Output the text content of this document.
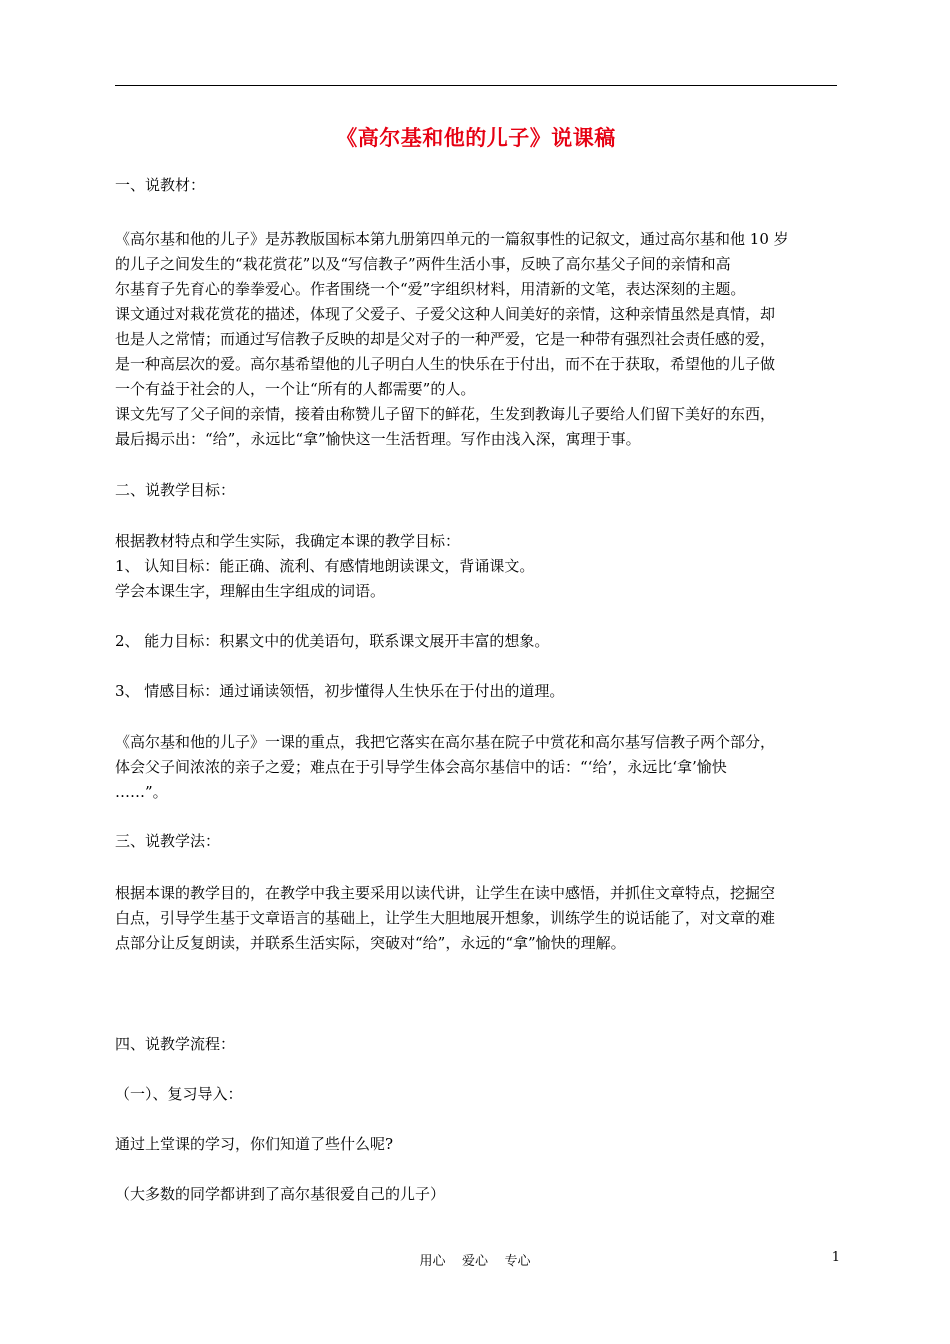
《高尔基和他的儿子》说课稿
一、说教材：
《高尔基和他的儿子》是苏教版国标本第九册第四单元的一篇叙事性的记叙文，通过高尔基和他 10 岁
的儿子之间发生的“栽花赏花”以及“写信教子”两件生活小事，反映了高尔基父子间的亲情和高
尔基育子先育心的拳拳爱心。作者围绕一个“爱”字组织材料，用清新的文笔，表达深刻的主题。
课文通过对栽花赏花的描述，体现了父爱子、子爱父这种人间美好的亲情，这种亲情虽然是真情，却
也是人之常情；而通过写信教子反映的却是父对子的一种严爱，它是一种带有强烈社会责任感的爱，
是一种高层次的爱。高尔基希望他的儿子明白人生的快乐在于付出，而不在于获取，希望他的儿子做
一个有益于社会的人，一个让“所有的人都需要”的人。
课文先写了父子间的亲情，接着由称赞儿子留下的鲜花，生发到教诲儿子要给人们留下美好的东西，
最后揭示出：“给”，永远比“拿”愉快这一生活哲理。写作由浅入深，寓理于事。
二、说教学目标：
根据教材特点和学生实际，我确定本课的教学目标：
1、 认知目标：能正确、流利、有感情地朗读课文，背诵课文。
学会本课生字，理解由生字组成的词语。
2、 能力目标：积累文中的优美语句，联系课文展开丰富的想象。
3、 情感目标：通过诵读领悟，初步懂得人生快乐在于付出的道理。
《高尔基和他的儿子》一课的重点，我把它落实在高尔基在院子中赏花和高尔基写信教子两个部分，
体会父子间浓浓的亲子之爱；难点在于引导学生体会高尔基信中的话：“‘给’，永远比‘拿’愉快
……”。
三、说教学法：
根据本课的教学目的，在教学中我主要采用以读代讲，让学生在读中感悟，并抓住文章特点，挖掘空
白点，引导学生基于文章语言的基础上，让学生大胆地展开想象，训练学生的说话能了，对文章的难
点部分让反复朗读，并联系生活实际，突破对“给”，永远的“拿”愉快的理解。
四、说教学流程：
（一）、复习导入：
通过上堂课的学习，你们知道了些什么呢?
（大多数的同学都讲到了高尔基很爱自己的儿子）
用心    爱心    专心	1
